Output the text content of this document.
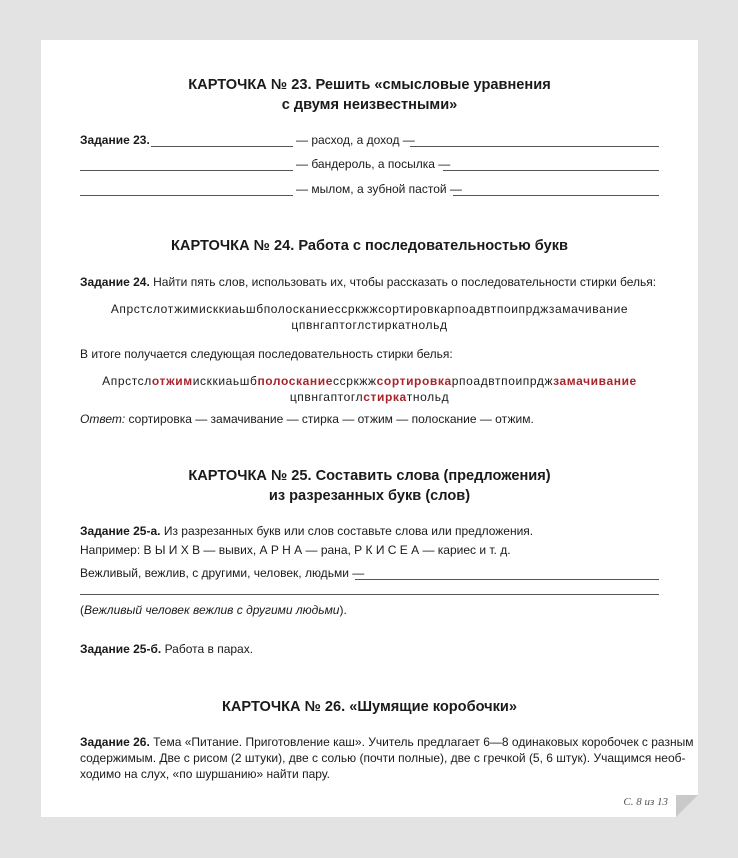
КАРТОЧКА № 23. Решить «смысловые уравнения
с двумя неизвестными»
Задание 23.	— расход, а доход —
— бандероль, а посылка —
— мылом, а зубной пастой —
КАРТОЧКА № 24. Работа с последовательностью букв
Задание 24. Найти пять слов, использовать их, чтобы рассказать о последовательности стирки белья:
Апрстслотжимисккиаьшбполосканиессркжжсортировкарпоадвтпоипрджзамачивание
цпвнгаптоглстиркатнольд
В итоге получается следующая последовательность стирки белья:
Апрстслотжимисккиаьшбполосканиессркжжсортировкарпоадвтпоипрджзамачивание
цпвнгаптоглстиркатнольд
Ответ: сортировка — замачивание — стирка — отжим — полоскание — отжим.
КАРТОЧКА № 25. Составить слова (предложения)
из разрезанных букв (слов)
Задание 25-а. Из разрезанных букв или слов составьте слова или предложения.
Например: В Ы И Х В — вывих, А Р Н А — рана, Р К И С Е А — кариес и т. д.
Вежливый, вежлив, с другими, человек, людьми —
(Вежливый человек вежлив с другими людьми).
Задание 25-б. Работа в парах.
КАРТОЧКА № 26. «Шумящие коробочки»
Задание 26. Тема «Питание. Приготовление каш». Учитель предлагает 6—8 одинаковых коробочек с разным
содержимым. Две с рисом (2 штуки), две с солью (почти полные), две с гречкой (5, 6 штук). Учащимся необ-
ходимо на слух, «по шуршанию» найти пару.
С. 8 из 13
